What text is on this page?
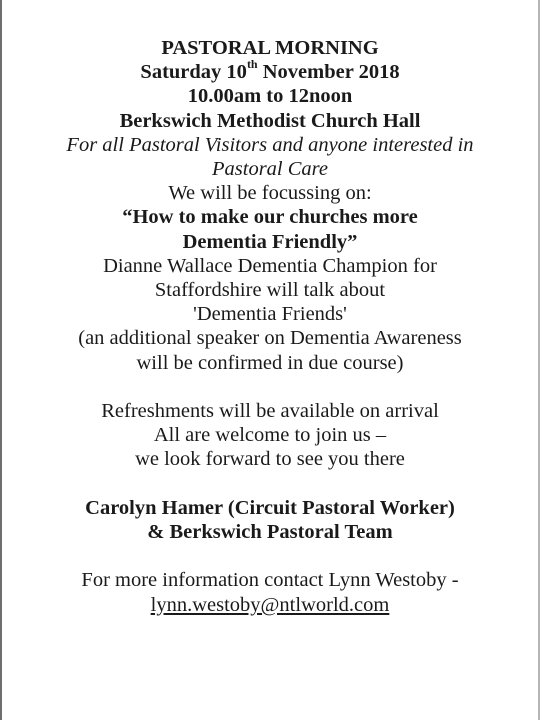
PASTORAL MORNING
Saturday 10th November 2018
10.00am to 12noon
Berkswich Methodist Church Hall
For all Pastoral Visitors and anyone interested in
Pastoral Care
We will be focussing on:
“How to make our churches more
Dementia Friendly”
Dianne Wallace Dementia Champion for
Staffordshire will talk about
'Dementia Friends'
(an additional speaker on Dementia Awareness
will be confirmed in due course)
Refreshments will be available on arrival
All are welcome to join us –
we look forward to see you there
Carolyn Hamer (Circuit Pastoral Worker)
& Berkswich Pastoral Team
For more information contact Lynn Westoby -
lynn.westoby@ntlworld.com
